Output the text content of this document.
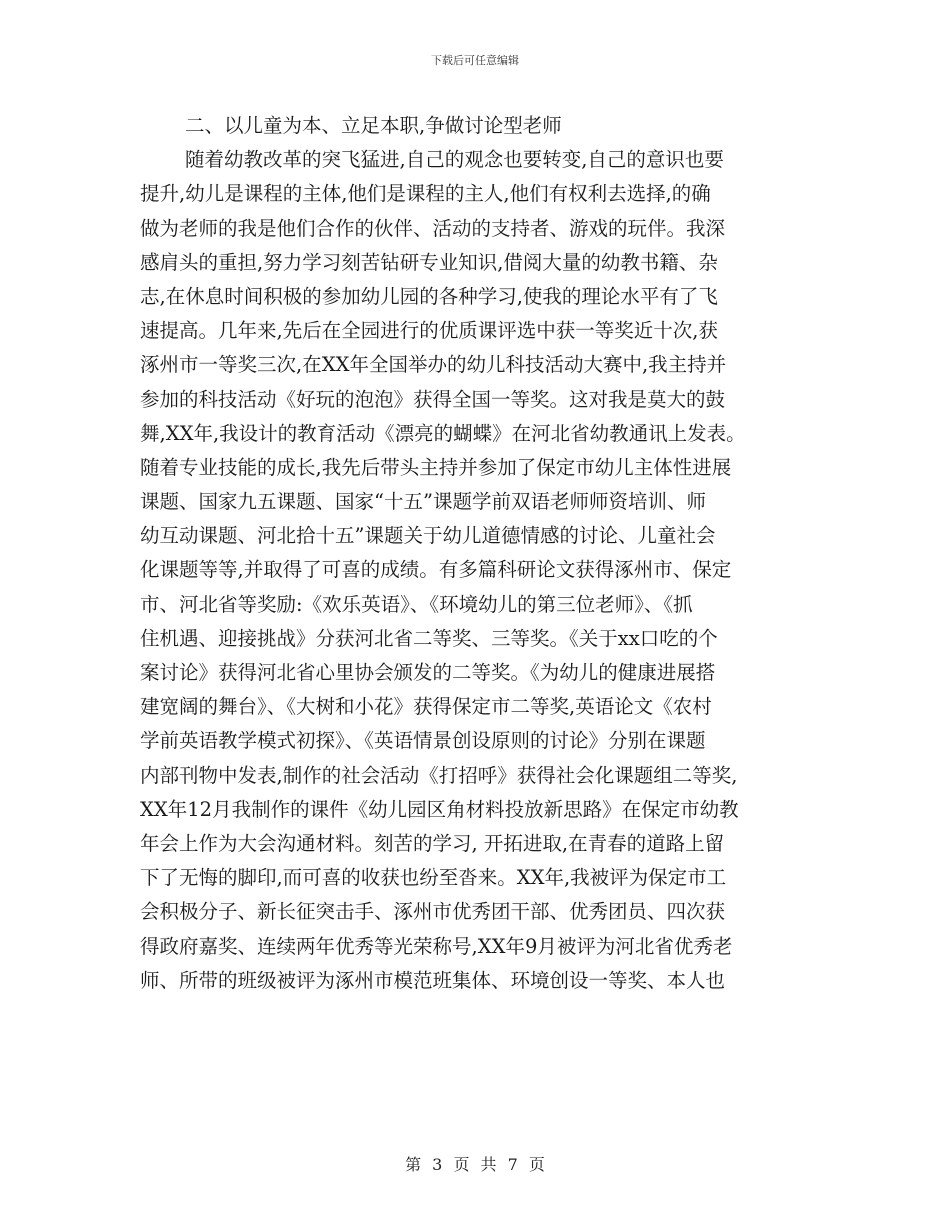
下载后可任意编辑
二、以儿童为本、立足本职,争做讨论型老师
随着幼教改革的突飞猛进,自己的观念也要转变,自己的意识也要
提升,幼儿是课程的主体,他们是课程的主人,他们有权利去选择,的确
做为老师的我是他们合作的伙伴、活动的支持者、游戏的玩伴。我深
感肩头的重担,努力学习刻苦钻研专业知识,借阅大量的幼教书籍、杂
志,在休息时间积极的参加幼儿园的各种学习,使我的理论水平有了飞
速提高。几年来,先后在全园进行的优质课评选中获一等奖近十次,获
涿州市一等奖三次,在XX年全国举办的幼儿科技活动大赛中,我主持并
参加的科技活动《好玩的泡泡》获得全国一等奖。这对我是莫大的鼓
舞,XX年,我设计的教育活动《漂亮的蝴蝶》在河北省幼教通讯上发表。
随着专业技能的成长,我先后带头主持并参加了保定市幼儿主体性进展
课题、国家九五课题、国家“十五”课题学前双语老师师资培训、师
幼互动课题、河北拾十五”课题关于幼儿道德情感的讨论、儿童社会
化课题等等,并取得了可喜的成绩。有多篇科研论文获得涿州市、保定
市、河北省等奖励:《欢乐英语》、《环境幼儿的第三位老师》、《抓
住机遇、迎接挑战》分获河北省二等奖、三等奖。《关于xx口吃的个
案讨论》获得河北省心里协会颁发的二等奖。《为幼儿的健康进展搭
建宽阔的舞台》、《大树和小花》获得保定市二等奖,英语论文《农村
学前英语教学模式初探》、《英语情景创设原则的讨论》分别在课题
内部刊物中发表,制作的社会活动《打招呼》获得社会化课题组二等奖,
XX年12月我制作的课件《幼儿园区角材料投放新思路》在保定市幼教
年会上作为大会沟通材料。刻苦的学习, 开拓进取,在青春的道路上留
下了无悔的脚印,而可喜的收获也纷至沓来。XX年,我被评为保定市工
会积极分子、新长征突击手、涿州市优秀团干部、优秀团员、四次获
得政府嘉奖、连续两年优秀等光荣称号,XX年9月被评为河北省优秀老
师、所带的班级被评为涿州市模范班集体、环境创设一等奖、本人也
第 3 页 共 7 页
